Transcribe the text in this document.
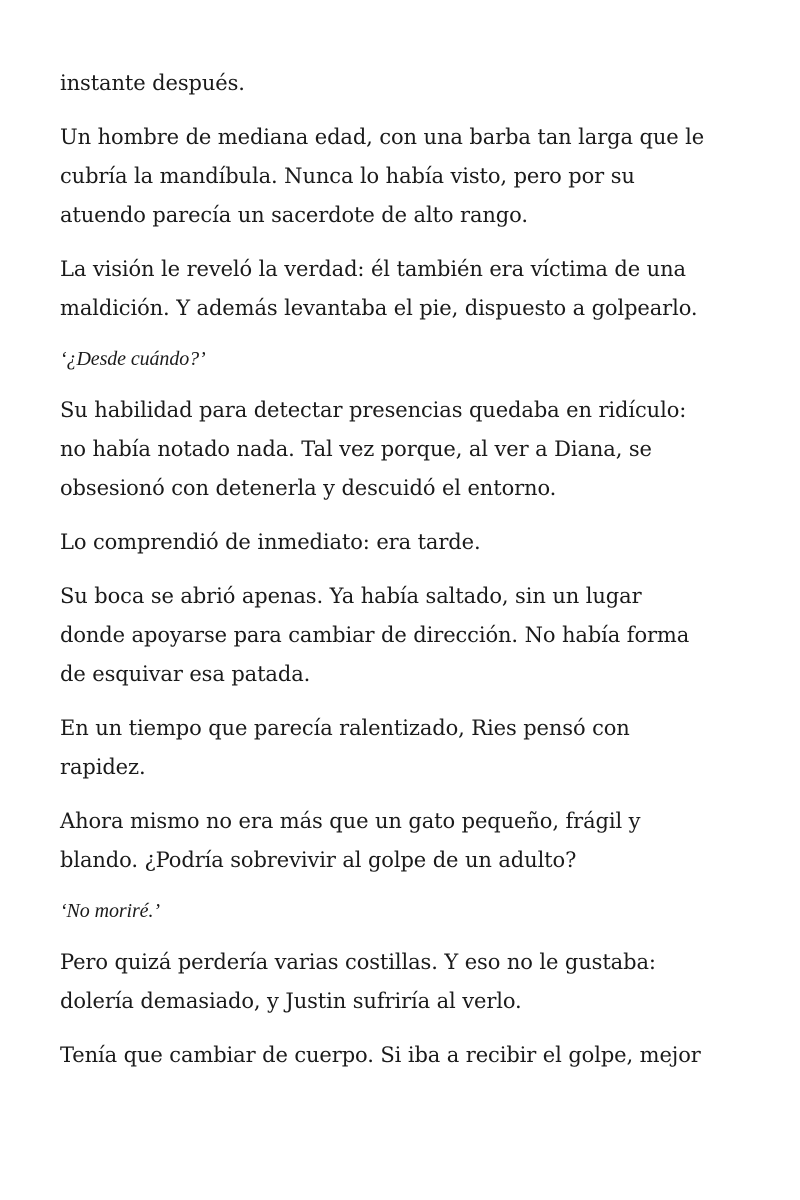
instante después.
Un hombre de mediana edad, con una barba tan larga que le
cubría la mandíbula. Nunca lo había visto, pero por su
atuendo parecía un sacerdote de alto rango.
La visión le reveló la verdad: él también era víctima de una
maldición. Y además levantaba el pie, dispuesto a golpearlo.
‘¿Desde cuándo?’
Su habilidad para detectar presencias quedaba en ridículo:
no había notado nada. Tal vez porque, al ver a Diana, se
obsesionó con detenerla y descuidó el entorno.
Lo comprendió de inmediato: era tarde.
Su boca se abrió apenas. Ya había saltado, sin un lugar
donde apoyarse para cambiar de dirección. No había forma
de esquivar esa patada.
En un tiempo que parecía ralentizado, Ries pensó con
rapidez.
Ahora mismo no era más que un gato pequeño, frágil y
blando. ¿Podría sobrevivir al golpe de un adulto?
‘No moriré.’
Pero quizá perdería varias costillas. Y eso no le gustaba:
dolería demasiado, y Justin sufriría al verlo.
Tenía que cambiar de cuerpo. Si iba a recibir el golpe, mejor
